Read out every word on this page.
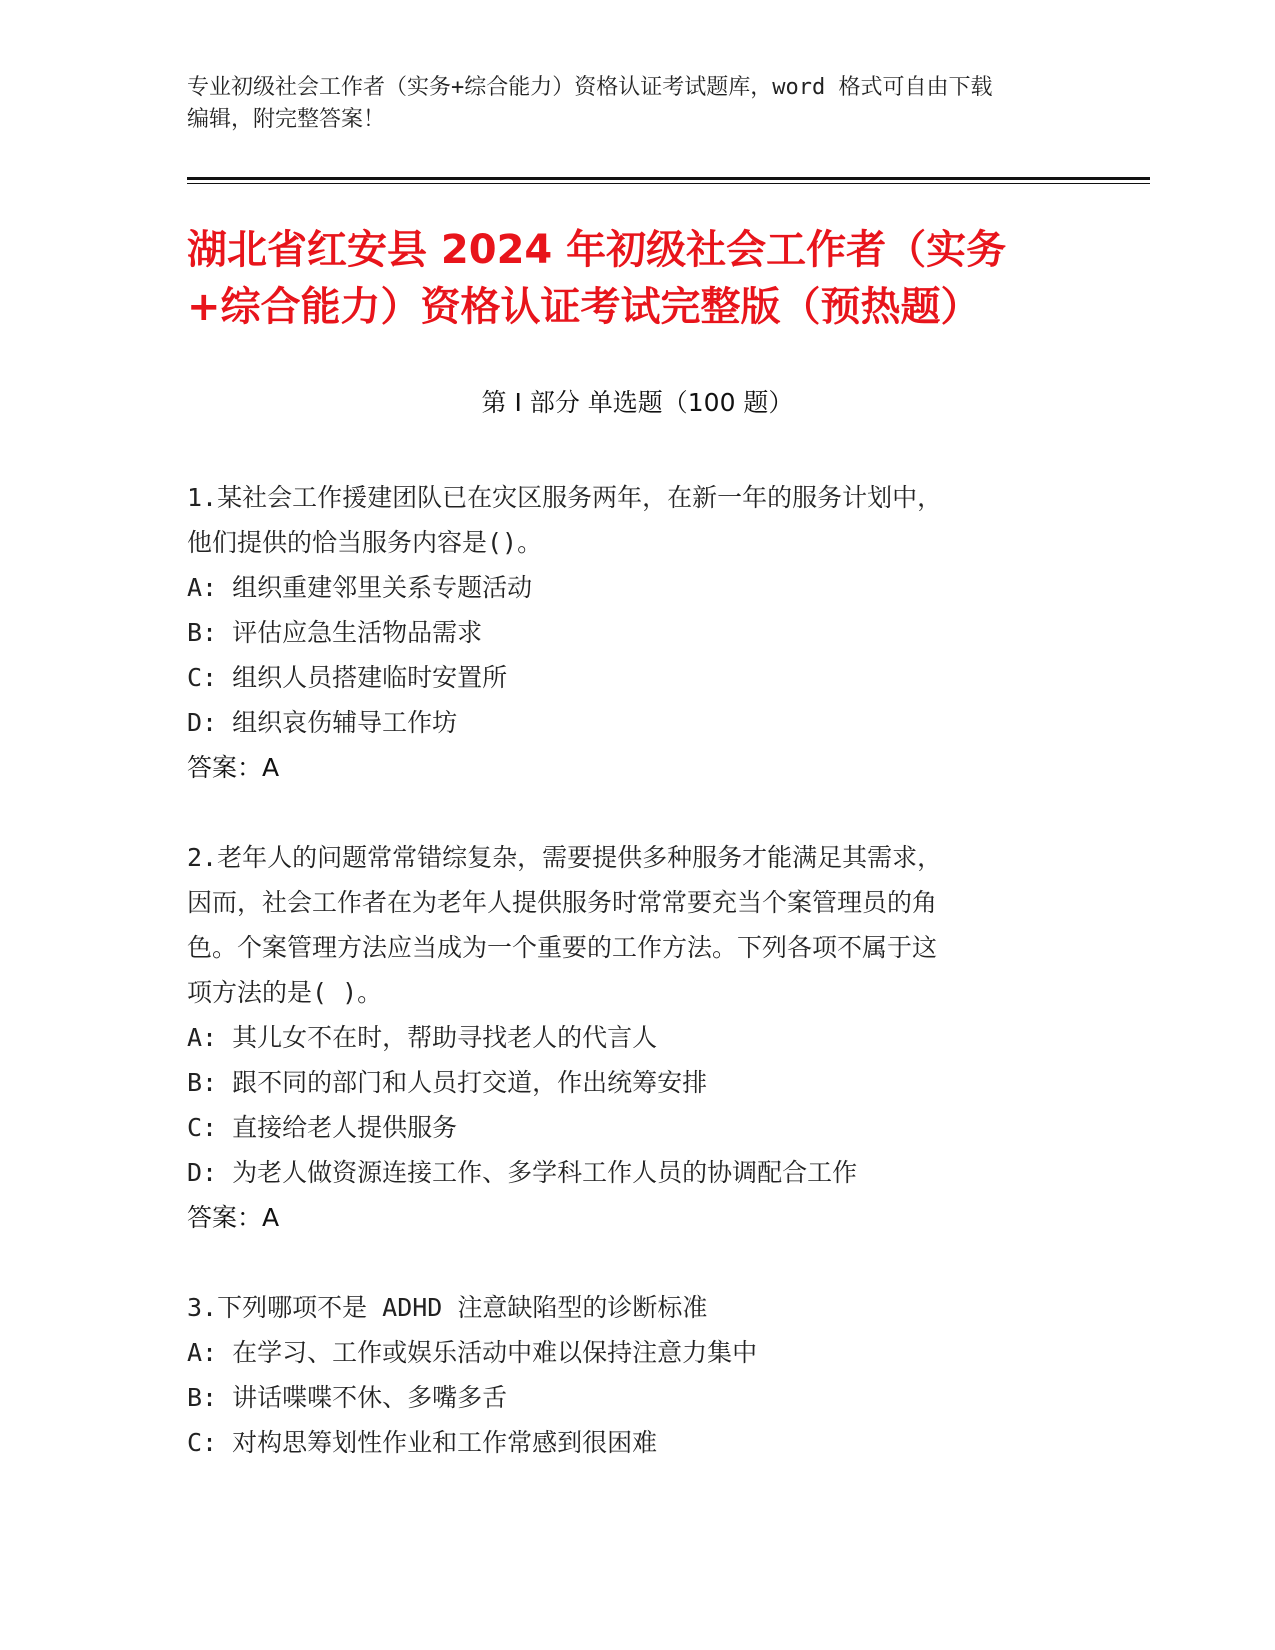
专业初级社会工作者（实务+综合能力）资格认证考试题库，word 格式可自由下载
编辑，附完整答案！
湖北省红安县 2024 年初级社会工作者（实务
+综合能力）资格认证考试完整版（预热题）
第 I 部分 单选题（100 题）
1.某社会工作援建团队已在灾区服务两年，在新一年的服务计划中，
他们提供的恰当服务内容是()。
A: 组织重建邻里关系专题活动
B: 评估应急生活物品需求
C: 组织人员搭建临时安置所
D: 组织哀伤辅导工作坊
答案：A
2.老年人的问题常常错综复杂，需要提供多种服务才能满足其需求，
因而，社会工作者在为老年人提供服务时常常要充当个案管理员的角
色。个案管理方法应当成为一个重要的工作方法。下列各项不属于这
项方法的是( )。
A: 其儿女不在时，帮助寻找老人的代言人
B: 跟不同的部门和人员打交道，作出统筹安排
C: 直接给老人提供服务
D: 为老人做资源连接工作、多学科工作人员的协调配合工作
答案：A
3.下列哪项不是 ADHD 注意缺陷型的诊断标准
A: 在学习、工作或娱乐活动中难以保持注意力集中
B: 讲话喋喋不休、多嘴多舌
C: 对构思筹划性作业和工作常感到很困难
